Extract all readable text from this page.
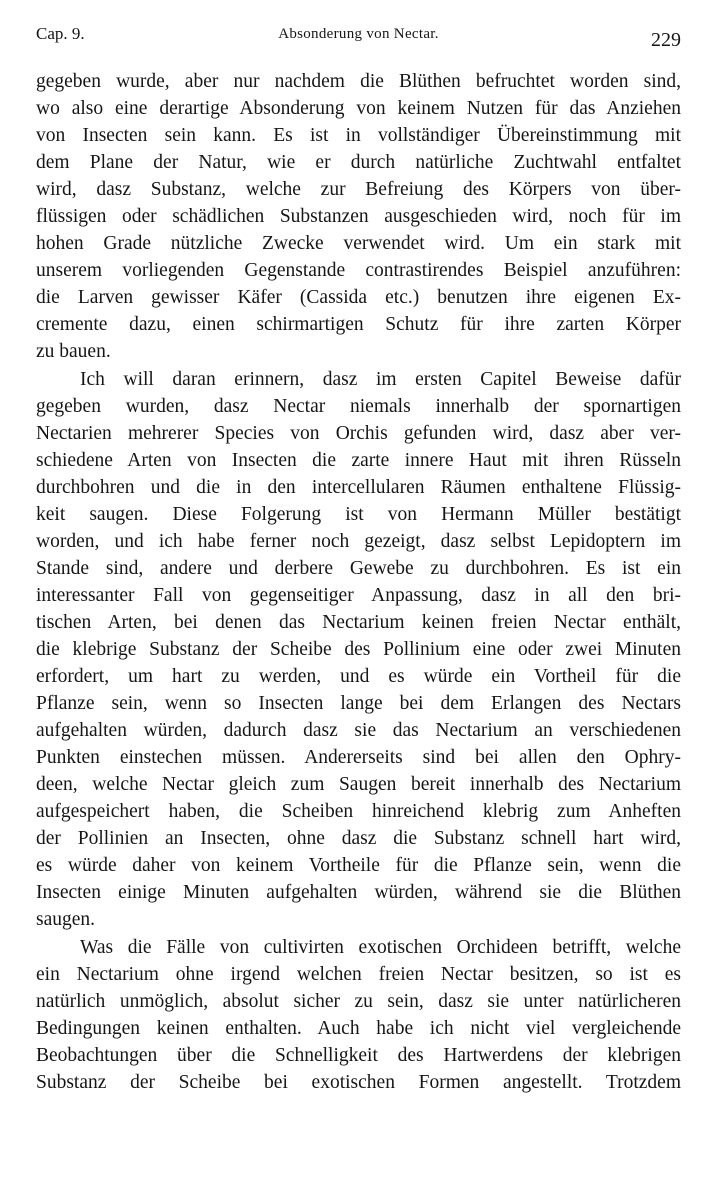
Cap. 9.	Absonderung von Nectar.	229
gegeben wurde, aber nur nachdem die Blüthen befruchtet worden sind,
wo also eine derartige Absonderung von keinem Nutzen für das Anziehen
von Insecten sein kann. Es ist in vollständiger Übereinstimmung mit
dem Plane der Natur, wie er durch natürliche Zuchtwahl entfaltet
wird, dasz Substanz, welche zur Befreiung des Körpers von über-
flüssigen oder schädlichen Substanzen ausgeschieden wird, noch für im
hohen Grade nützliche Zwecke verwendet wird. Um ein stark mit
unserem vorliegenden Gegenstande contrastirendes Beispiel anzuführen:
die Larven gewisser Käfer (Cassida etc.) benutzen ihre eigenen Ex-
cremente dazu, einen schirmartigen Schutz für ihre zarten Körper
zu bauen.
Ich will daran erinnern, dasz im ersten Capitel Beweise dafür
gegeben wurden, dasz Nectar niemals innerhalb der spornartigen
Nectarien mehrerer Species von Orchis gefunden wird, dasz aber ver-
schiedene Arten von Insecten die zarte innere Haut mit ihren Rüsseln
durchbohren und die in den intercellularen Räumen enthaltene Flüssig-
keit saugen. Diese Folgerung ist von Hermann Müller bestätigt
worden, und ich habe ferner noch gezeigt, dasz selbst Lepidoptern im
Stande sind, andere und derbere Gewebe zu durchbohren. Es ist ein
interessanter Fall von gegenseitiger Anpassung, dasz in all den bri-
tischen Arten, bei denen das Nectarium keinen freien Nectar enthält,
die klebrige Substanz der Scheibe des Pollinium eine oder zwei Minuten
erfordert, um hart zu werden, und es würde ein Vortheil für die
Pflanze sein, wenn so Insecten lange bei dem Erlangen des Nectars
aufgehalten würden, dadurch dasz sie das Nectarium an verschiedenen
Punkten einstechen müssen. Andererseits sind bei allen den Ophry-
deen, welche Nectar gleich zum Saugen bereit innerhalb des Nectarium
aufgespeichert haben, die Scheiben hinreichend klebrig zum Anheften
der Pollinien an Insecten, ohne dasz die Substanz schnell hart wird,
es würde daher von keinem Vortheile für die Pflanze sein, wenn die
Insecten einige Minuten aufgehalten würden, während sie die Blüthen
saugen.
Was die Fälle von cultivirten exotischen Orchideen betrifft, welche
ein Nectarium ohne irgend welchen freien Nectar besitzen, so ist es
natürlich unmöglich, absolut sicher zu sein, dasz sie unter natürlicheren
Bedingungen keinen enthalten. Auch habe ich nicht viel vergleichende
Beobachtungen über die Schnelligkeit des Hartwerdens der klebrigen
Substanz der Scheibe bei exotischen Formen angestellt. Trotzdem
